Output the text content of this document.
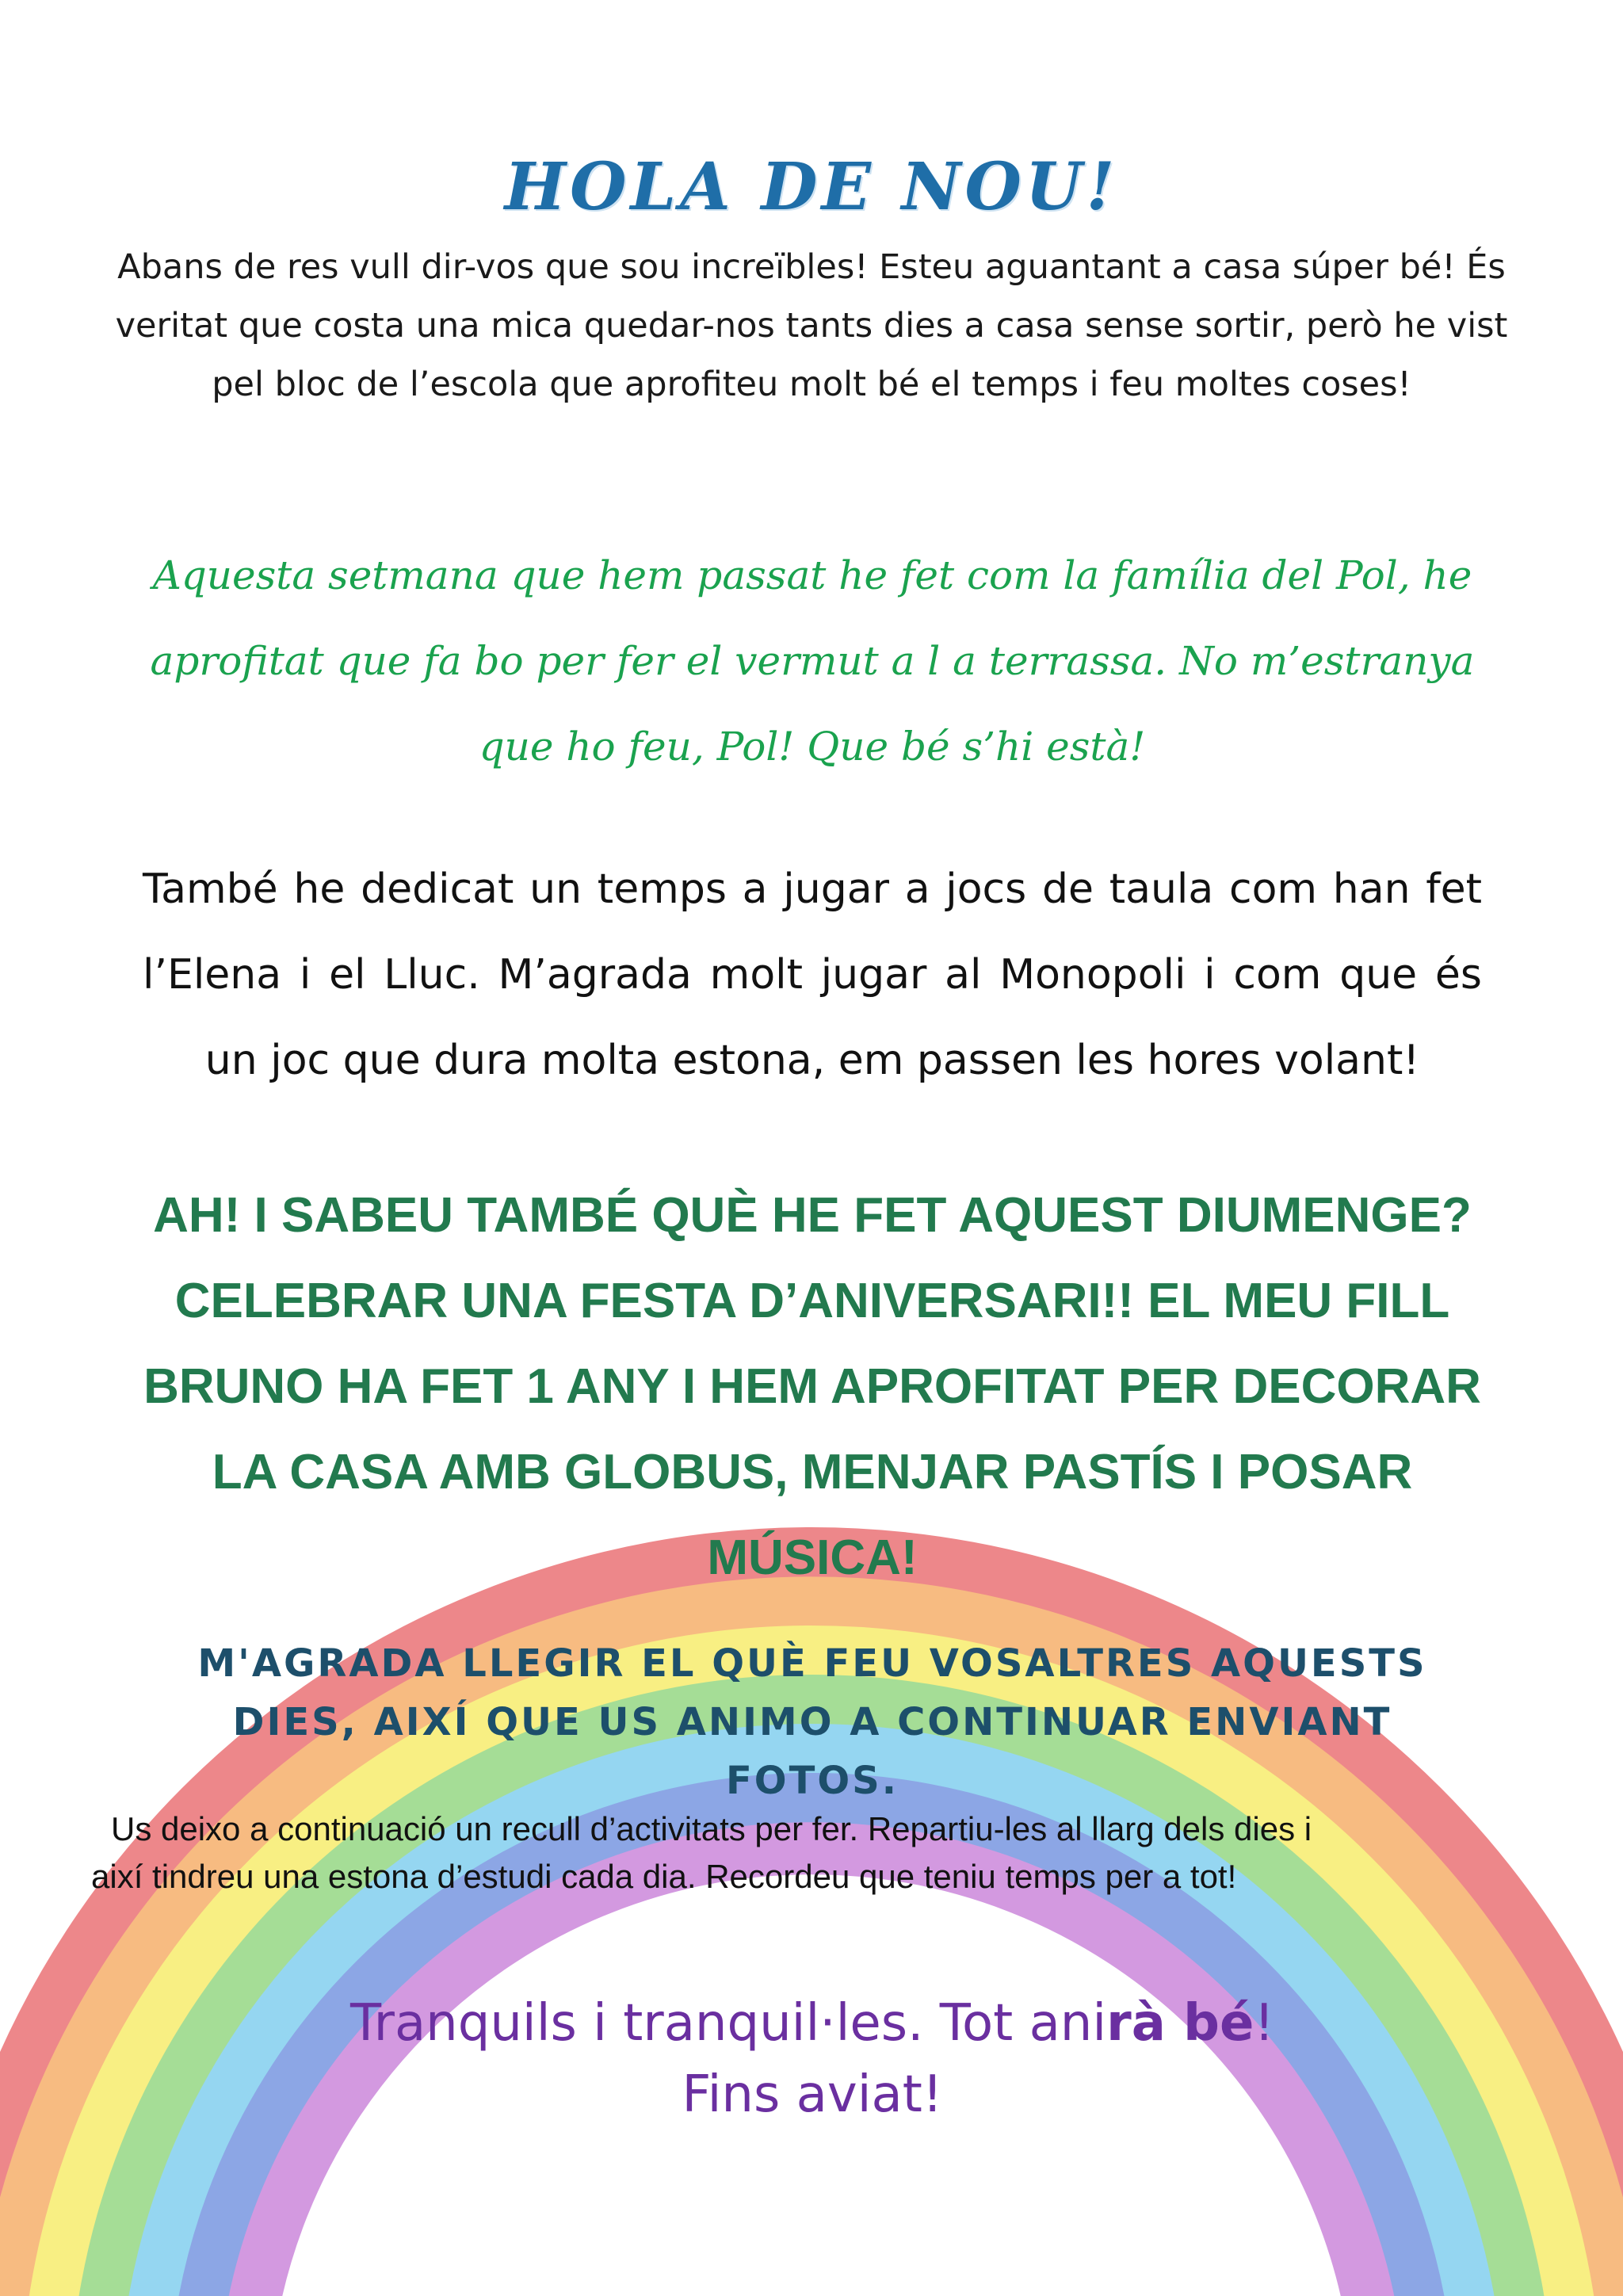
HOLA DE NOU!
Abans de res vull dir-vos que sou increïbles! Esteu aguantant a casa súper bé! És veritat que costa una mica quedar-nos tants dies a casa sense sortir, però he vist pel bloc de l’escola que aprofiteu molt bé el temps i feu moltes coses!
Aquesta setmana que hem passat he fet com la família del Pol, he aprofitat que fa bo per fer el vermut a l a terrassa. No m’estranya que ho feu, Pol! Que bé s’hi està!
També he dedicat un temps a jugar a jocs de taula com han fet l’Elena i el Lluc. M’agrada molt jugar al Monopoli i com que és un joc que dura molta estona, em passen les hores volant!
AH! I SABEU TAMBÉ QUÈ HE FET AQUEST DIUMENGE? CELEBRAR UNA FESTA D’ANIVERSARI!! EL MEU FILL BRUNO HA FET 1 ANY I HEM APROFITAT PER DECORAR LA CASA AMB GLOBUS, MENJAR PASTÍS I POSAR MÚSICA!
M'AGRADA LLEGIR EL QUÈ FEU VOSALTRES AQUESTS DIES, AIXÍ QUE US ANIMO A CONTINUAR ENVIANT FOTOS.
Us deixo a continuació un recull d’activitats per fer. Repartiu-les al llarg dels dies i
així tindreu una estona d’estudi cada dia. Recordeu que teniu temps per a tot!
Tranquils i tranquil·les. Tot anirà bé!
Fins aviat!
